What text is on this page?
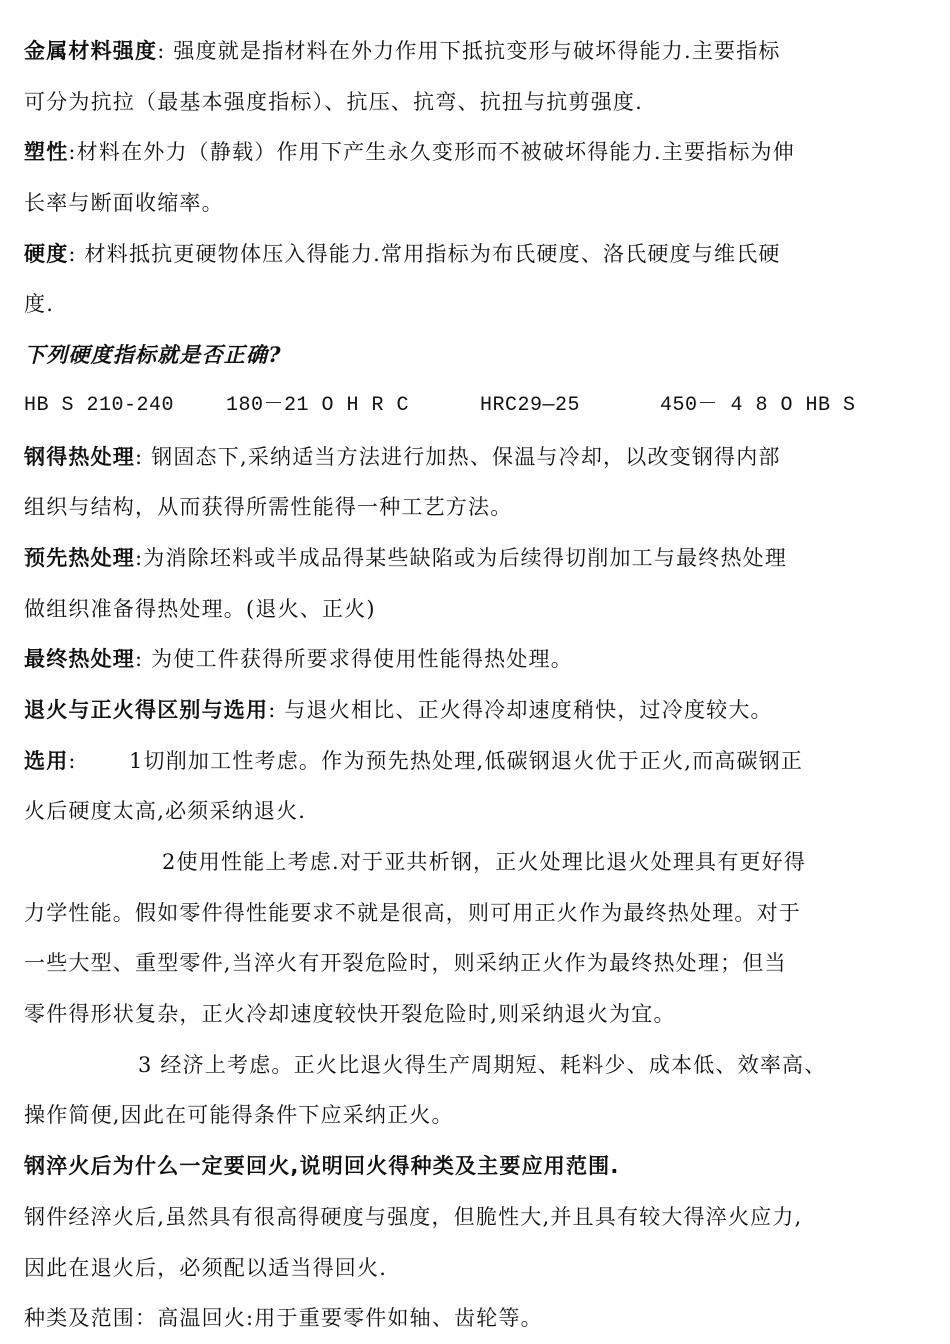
金属材料强度: 强度就是指材料在外力作用下抵抗变形与破坏得能力.主要指标
可分为抗拉（最基本强度指标）、抗压、抗弯、抗扭与抗剪强度.
塑性:材料在外力（静载）作用下产生永久变形而不被破坏得能力.主要指标为伸
长率与断面收缩率。
硬度: 材料抵抗更硬物体压入得能力.常用指标为布氏硬度、洛氏硬度与维氏硬
度.
下列硬度指标就是否正确?
HB S 210-240	180－21 O H R C	HRC29—25	450－ 4 8 O HB S
钢得热处理: 钢固态下,采纳适当方法进行加热、保温与冷却，以改变钢得内部
组织与结构，从而获得所需性能得一种工艺方法。
预先热处理:为消除坯料或半成品得某些缺陷或为后续得切削加工与最终热处理
做组织准备得热处理。(退火、正火)
最终热处理: 为使工件获得所要求得使用性能得热处理。
退火与正火得区别与选用: 与退火相比、正火得冷却速度稍快，过冷度较大。
选用:　　 1切削加工性考虑。作为预先热处理,低碳钢退火优于正火,而高碳钢正
火后硬度太高,必须采纳退火.
2使用性能上考虑.对于亚共析钢，正火处理比退火处理具有更好得
力学性能。假如零件得性能要求不就是很高，则可用正火作为最终热处理。对于
一些大型、重型零件,当淬火有开裂危险时，则采纳正火作为最终热处理；但当
零件得形状复杂，正火冷却速度较快开裂危险时,则采纳退火为宜。
3 经济上考虑。正火比退火得生产周期短、耗料少、成本低、效率高、
操作简便,因此在可能得条件下应采纳正火。
钢淬火后为什么一定要回火,说明回火得种类及主要应用范围.
钢件经淬火后,虽然具有很高得硬度与强度，但脆性大,并且具有较大得淬火应力,
因此在退火后，必须配以适当得回火.
种类及范围：高温回火:用于重要零件如轴、齿轮等。
